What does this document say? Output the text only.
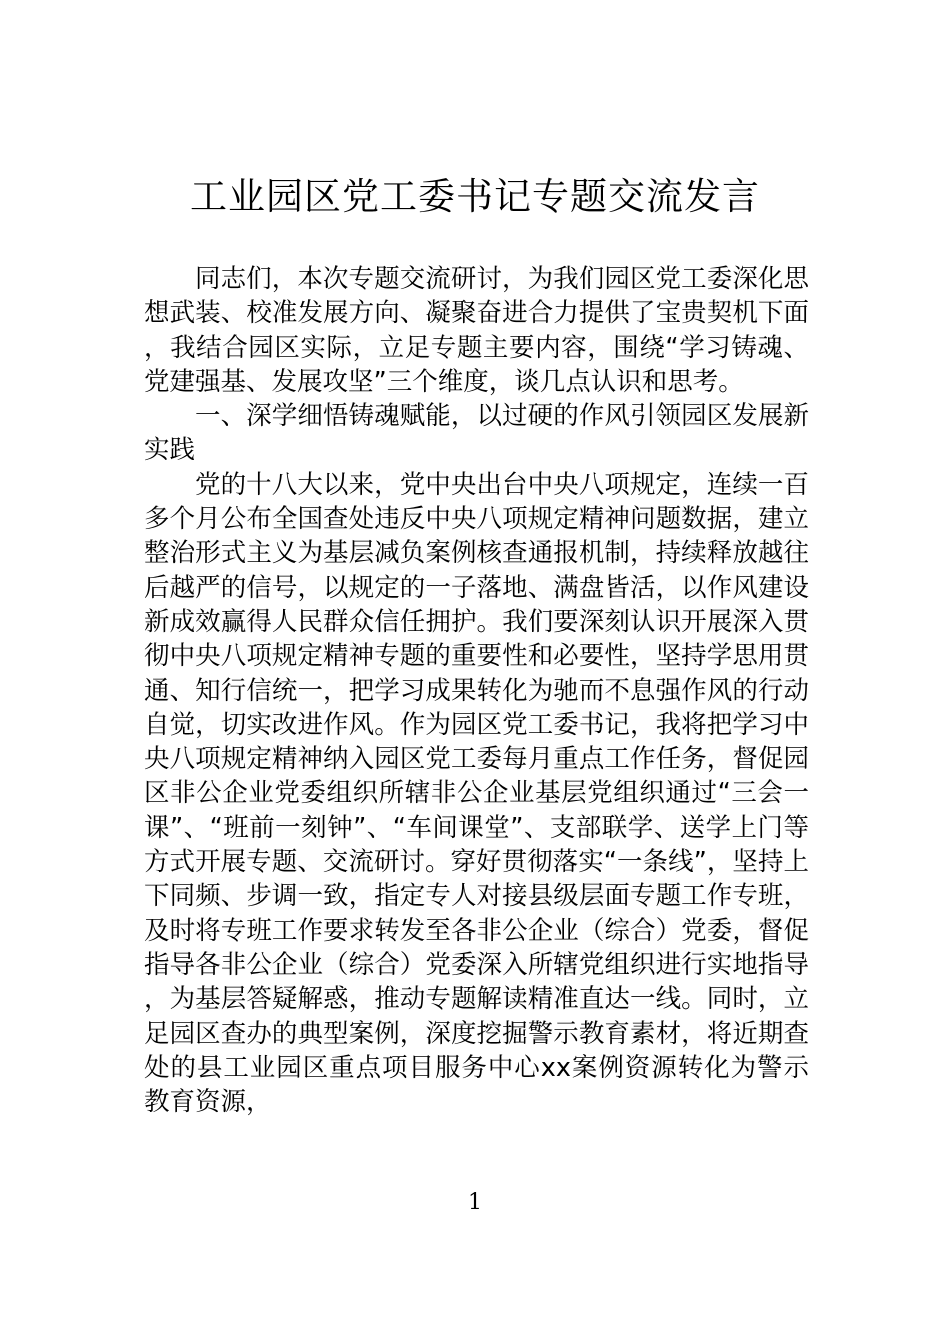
工业园区党工委书记专题交流发言

同志们，本次专题交流研讨，为我们园区党工委深化思想武装、校准发展方向、凝聚奋进合力提供了宝贵契机下面，我结合园区实际，立足专题主要内容，围绕“学习铸魂、党建强基、发展攻坚”三个维度，谈几点认识和思考。

一、深学细悟铸魂赋能，以过硬的作风引领园区发展新实践

党的十八大以来，党中央出台中央八项规定，连续一百多个月公布全国查处违反中央八项规定精神问题数据，建立整治形式主义为基层减负案例核查通报机制，持续释放越往后越严的信号，以规定的一子落地、满盘皆活，以作风建设新成效赢得人民群众信任拥护。我们要深刻认识开展深入贯彻中央八项规定精神专题的重要性和必要性，坚持学思用贯通、知行信统一，把学习成果转化为驰而不息强作风的行动自觉，切实改进作风。作为园区党工委书记，我将把学习中央八项规定精神纳入园区党工委每月重点工作任务，督促园区非公企业党委组织所辖非公企业基层党组织通过“三会一课”、“班前一刻钟”、“车间课堂”、支部联学、送学上门等方式开展专题、交流研讨。穿好贯彻落实“一条线”，坚持上下同频、步调一致，指定专人对接县级层面专题工作专班，及时将专班工作要求转发至各非公企业（综合）党委，督促指导各非公企业（综合）党委深入所辖党组织进行实地指导，为基层答疑解惑，推动专题解读精准直达一线。同时，立足园区查办的典型案例，深度挖掘警示教育素材，将近期查处的县工业园区重点项目服务中心xx案例资源转化为警示教育资源，

1
